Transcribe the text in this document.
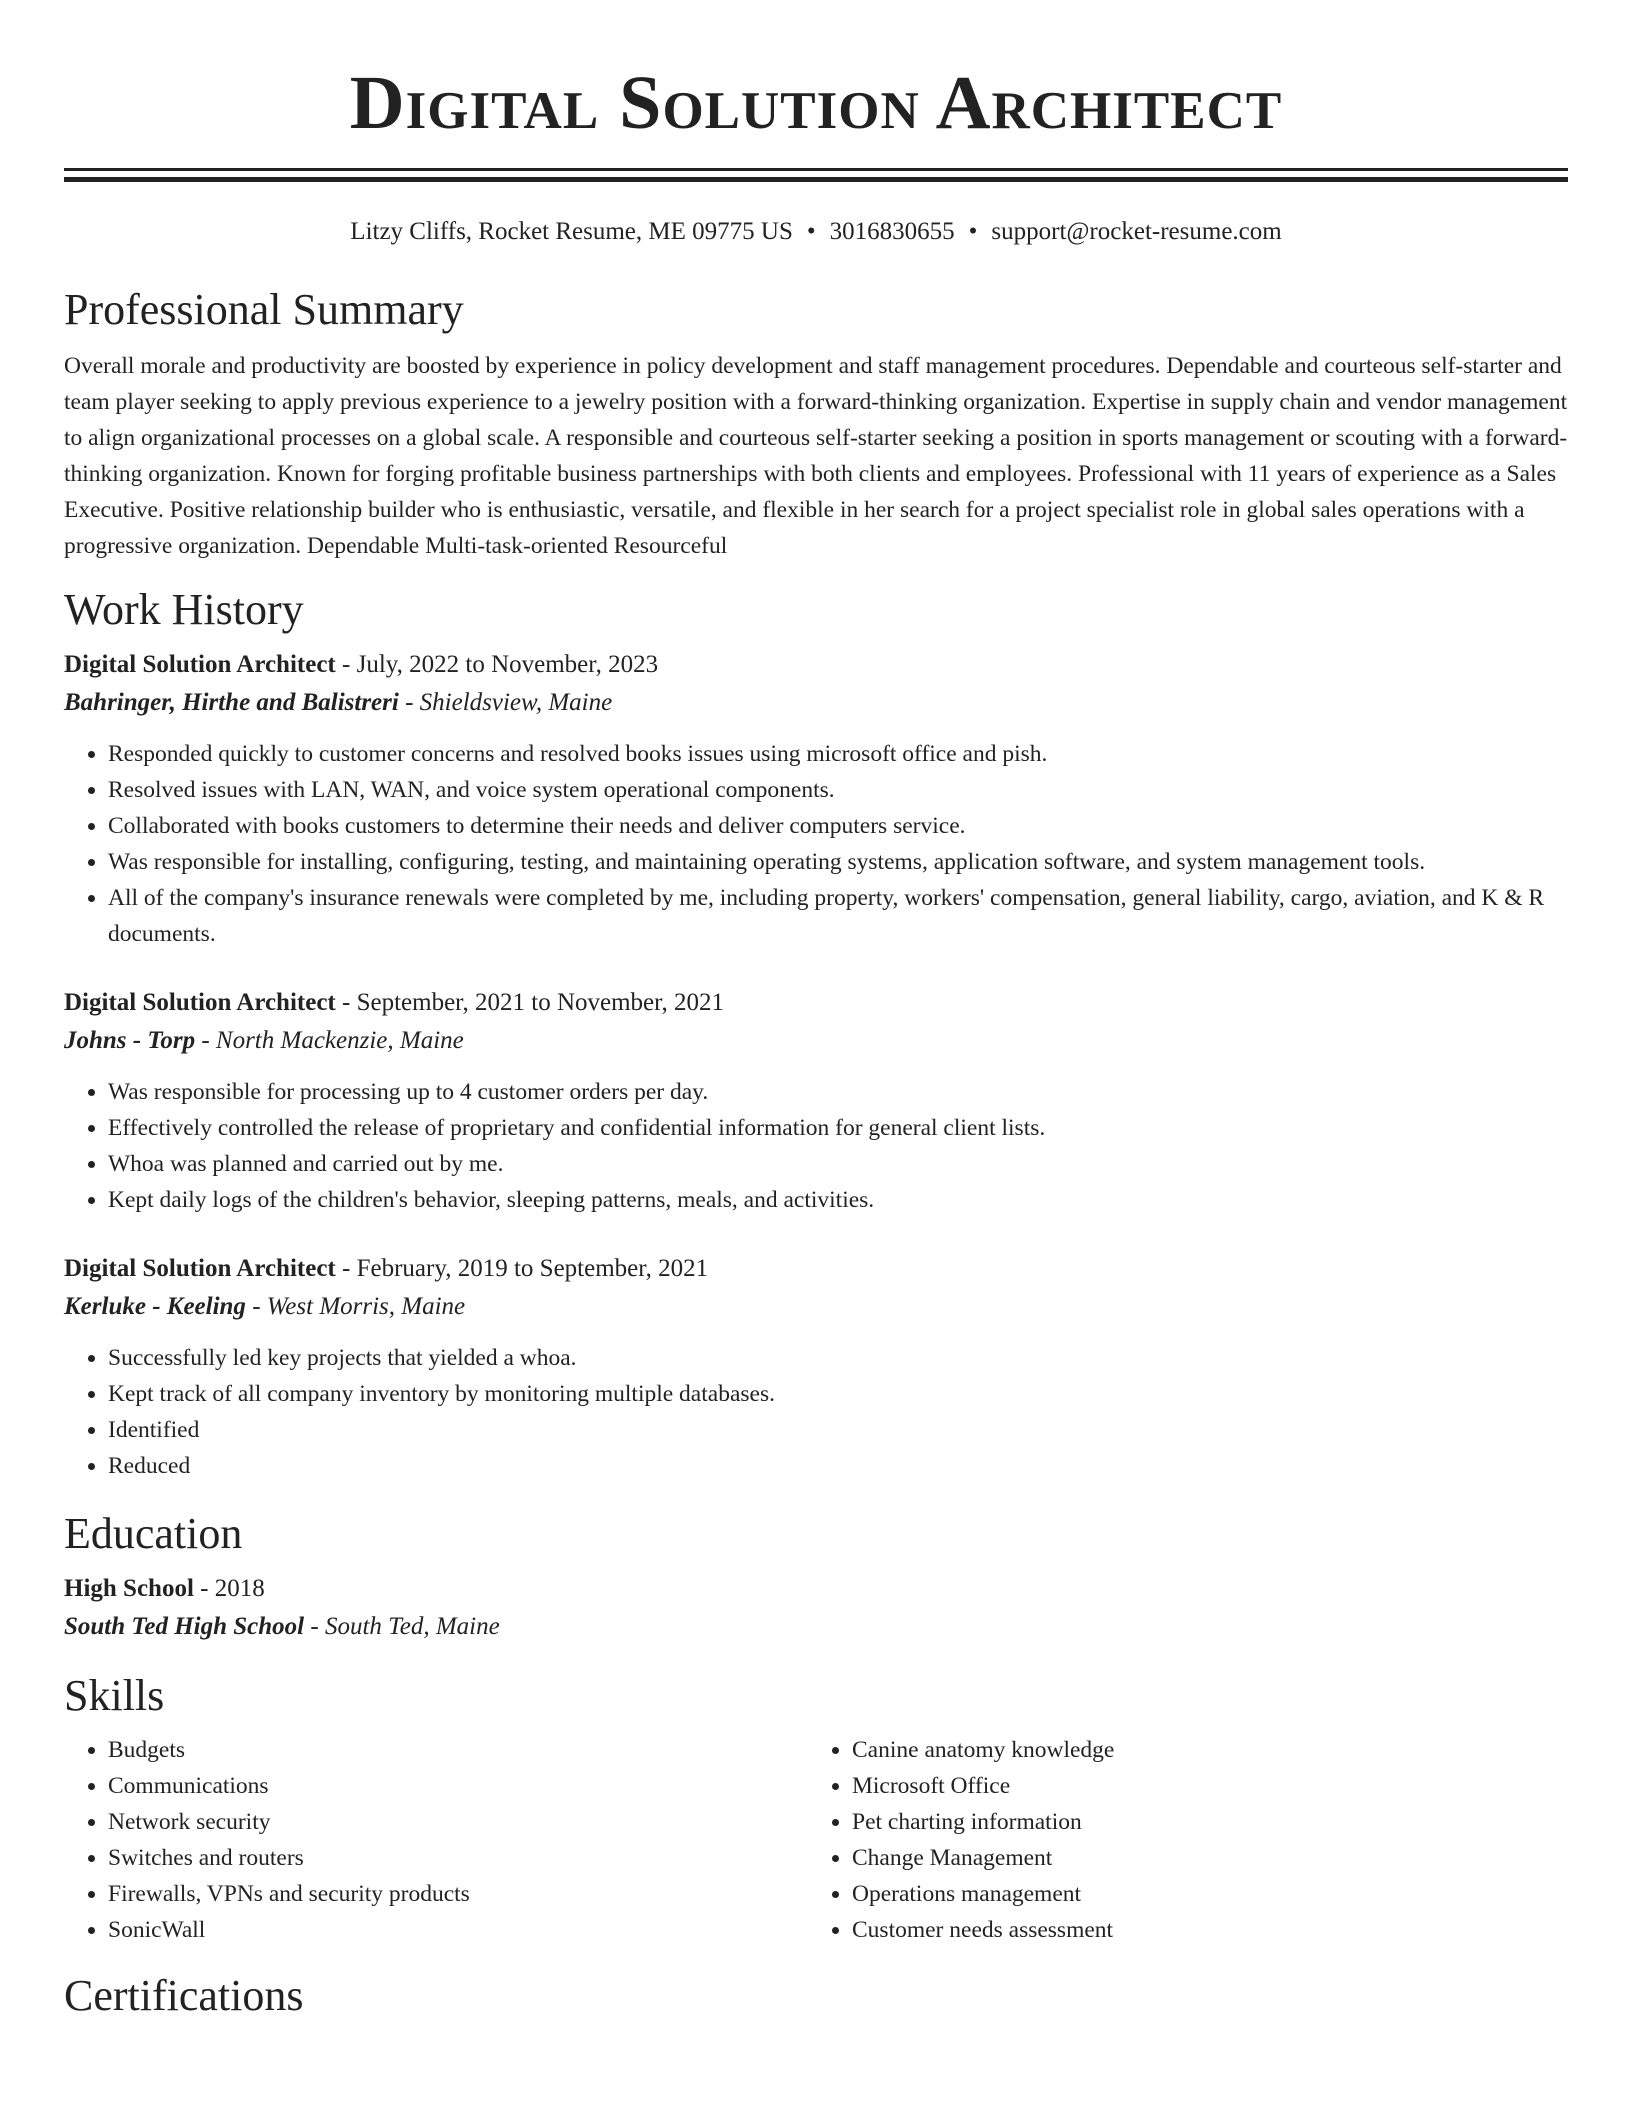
Digital Solution Architect
Litzy Cliffs, Rocket Resume, ME 09775 US • 3016830655 • support@rocket-resume.com
Professional Summary
Overall morale and productivity are boosted by experience in policy development and staff management procedures. Dependable and courteous self-starter and team player seeking to apply previous experience to a jewelry position with a forward-thinking organization. Expertise in supply chain and vendor management to align organizational processes on a global scale. A responsible and courteous self-starter seeking a position in sports management or scouting with a forward-thinking organization. Known for forging profitable business partnerships with both clients and employees. Professional with 11 years of experience as a Sales Executive. Positive relationship builder who is enthusiastic, versatile, and flexible in her search for a project specialist role in global sales operations with a progressive organization. Dependable Multi-task-oriented Resourceful
Work History
Digital Solution Architect - July, 2022 to November, 2023
Bahringer, Hirthe and Balistreri - Shieldsview, Maine
• Responded quickly to customer concerns and resolved books issues using microsoft office and pish.
• Resolved issues with LAN, WAN, and voice system operational components.
• Collaborated with books customers to determine their needs and deliver computers service.
• Was responsible for installing, configuring, testing, and maintaining operating systems, application software, and system management tools.
• All of the company's insurance renewals were completed by me, including property, workers' compensation, general liability, cargo, aviation, and K & R documents.
Digital Solution Architect - September, 2021 to November, 2021
Johns - Torp - North Mackenzie, Maine
• Was responsible for processing up to 4 customer orders per day.
• Effectively controlled the release of proprietary and confidential information for general client lists.
• Whoa was planned and carried out by me.
• Kept daily logs of the children's behavior, sleeping patterns, meals, and activities.
Digital Solution Architect - February, 2019 to September, 2021
Kerluke - Keeling - West Morris, Maine
• Successfully led key projects that yielded a whoa.
• Kept track of all company inventory by monitoring multiple databases.
• Identified
• Reduced
Education
High School - 2018
South Ted High School - South Ted, Maine
Skills
• Budgets
• Communications
• Network security
• Switches and routers
• Firewalls, VPNs and security products
• SonicWall
• Canine anatomy knowledge
• Microsoft Office
• Pet charting information
• Change Management
• Operations management
• Customer needs assessment
Certifications
